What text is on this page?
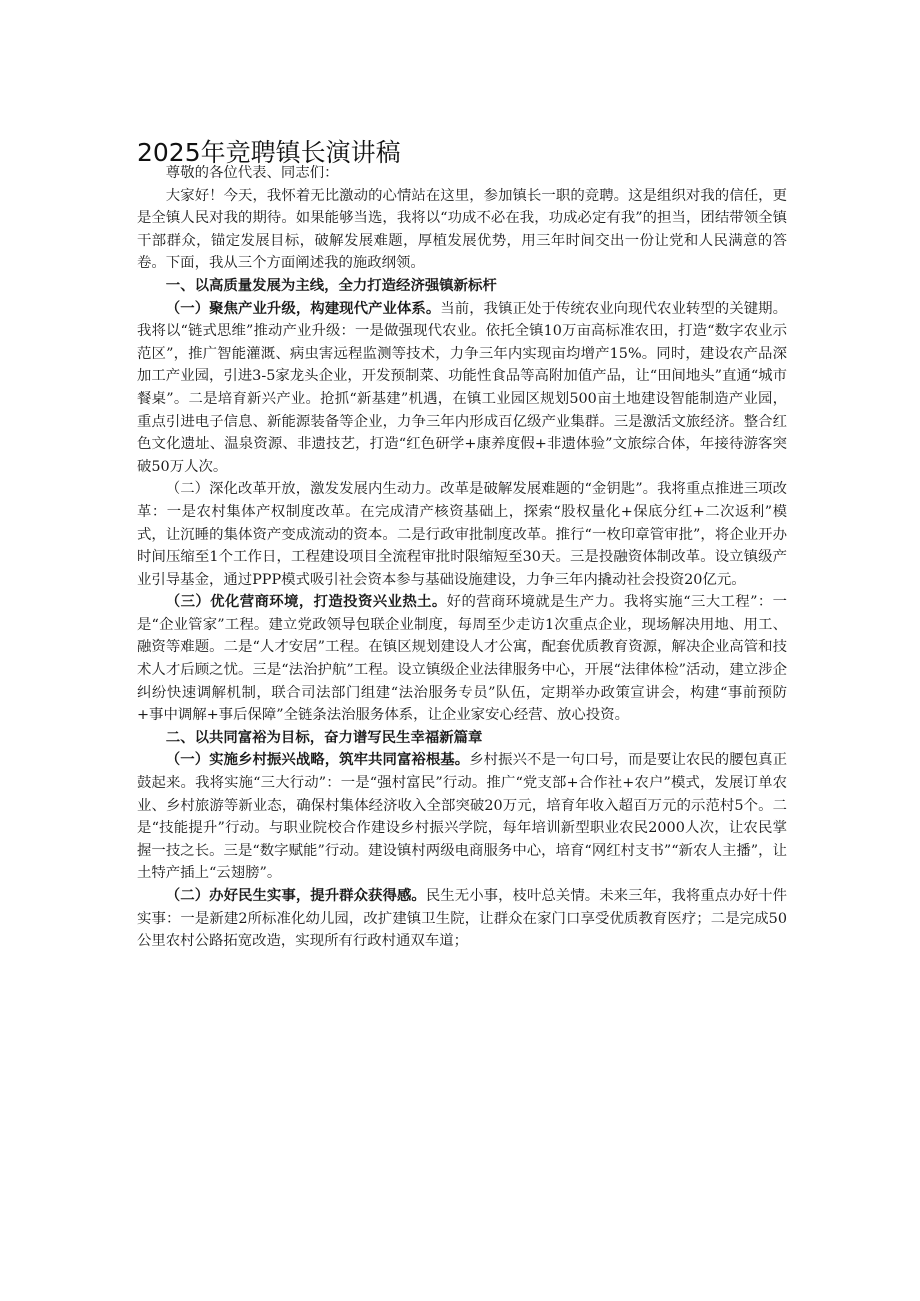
2025年竞聘镇长演讲稿

尊敬的各位代表、同志们：

大家好！今天，我怀着无比激动的心情站在这里，参加镇长一职的竞聘。这是组织对我的信任，更是全镇人民对我的期待。如果能够当选，我将以“功成不必在我，功成必定有我”的担当，团结带领全镇干部群众，锚定发展目标，破解发展难题，厚植发展优势，用三年时间交出一份让党和人民满意的答卷。下面，我从三个方面阐述我的施政纲领。

一、以高质量发展为主线，全力打造经济强镇新标杆

（一）聚焦产业升级，构建现代产业体系。当前，我镇正处于传统农业向现代农业转型的关键期。我将以“链式思维”推动产业升级：一是做强现代农业。依托全镇10万亩高标准农田，打造“数字农业示范区”，推广智能灌溉、病虫害远程监测等技术，力争三年内实现亩均增产15%。同时，建设农产品深加工产业园，引进3-5家龙头企业，开发预制菜、功能性食品等高附加值产品，让“田间地头”直通“城市餐桌”。二是培育新兴产业。抢抓“新基建”机遇，在镇工业园区规划500亩土地建设智能制造产业园，重点引进电子信息、新能源装备等企业，力争三年内形成百亿级产业集群。三是激活文旅经济。整合红色文化遗址、温泉资源、非遗技艺，打造“红色研学+康养度假+非遗体验”文旅综合体，年接待游客突破50万人次。

（二）深化改革开放，激发发展内生动力。改革是破解发展难题的“金钥匙”。我将重点推进三项改革：一是农村集体产权制度改革。在完成清产核资基础上，探索“股权量化+保底分红+二次返利”模式，让沉睡的集体资产变成流动的资本。二是行政审批制度改革。推行“一枚印章管审批”，将企业开办时间压缩至1个工作日，工程建设项目全流程审批时限缩短至30天。三是投融资体制改革。设立镇级产业引导基金，通过PPP模式吸引社会资本参与基础设施建设，力争三年内撬动社会投资20亿元。

（三）优化营商环境，打造投资兴业热土。好的营商环境就是生产力。我将实施“三大工程”：一是“企业管家”工程。建立党政领导包联企业制度，每周至少走访1次重点企业，现场解决用地、用工、融资等难题。二是“人才安居”工程。在镇区规划建设人才公寓，配套优质教育资源，解决企业高管和技术人才后顾之忧。三是“法治护航”工程。设立镇级企业法律服务中心，开展“法律体检”活动，建立涉企纠纷快速调解机制，联合司法部门组建“法治服务专员”队伍，定期举办政策宣讲会，构建“事前预防+事中调解+事后保障”全链条法治服务体系，让企业家安心经营、放心投资。

二、以共同富裕为目标，奋力谱写民生幸福新篇章

（一）实施乡村振兴战略，筑牢共同富裕根基。乡村振兴不是一句口号，而是要让农民的腰包真正鼓起来。我将实施“三大行动”：一是“强村富民”行动。推广“党支部+合作社+农户”模式，发展订单农业、乡村旅游等新业态，确保村集体经济收入全部突破20万元，培育年收入超百万元的示范村5个。二是“技能提升”行动。与职业院校合作建设乡村振兴学院，每年培训新型职业农民2000人次，让农民掌握一技之长。三是“数字赋能”行动。建设镇村两级电商服务中心，培育“网红村支书”“新农人主播”，让土特产插上“云翅膀”。

（二）办好民生实事，提升群众获得感。民生无小事，枝叶总关情。未来三年，我将重点办好十件实事：一是新建2所标准化幼儿园，改扩建镇卫生院，让群众在家门口享受优质教育医疗；二是完成50公里农村公路拓宽改造，实现所有行政村通双车道；
